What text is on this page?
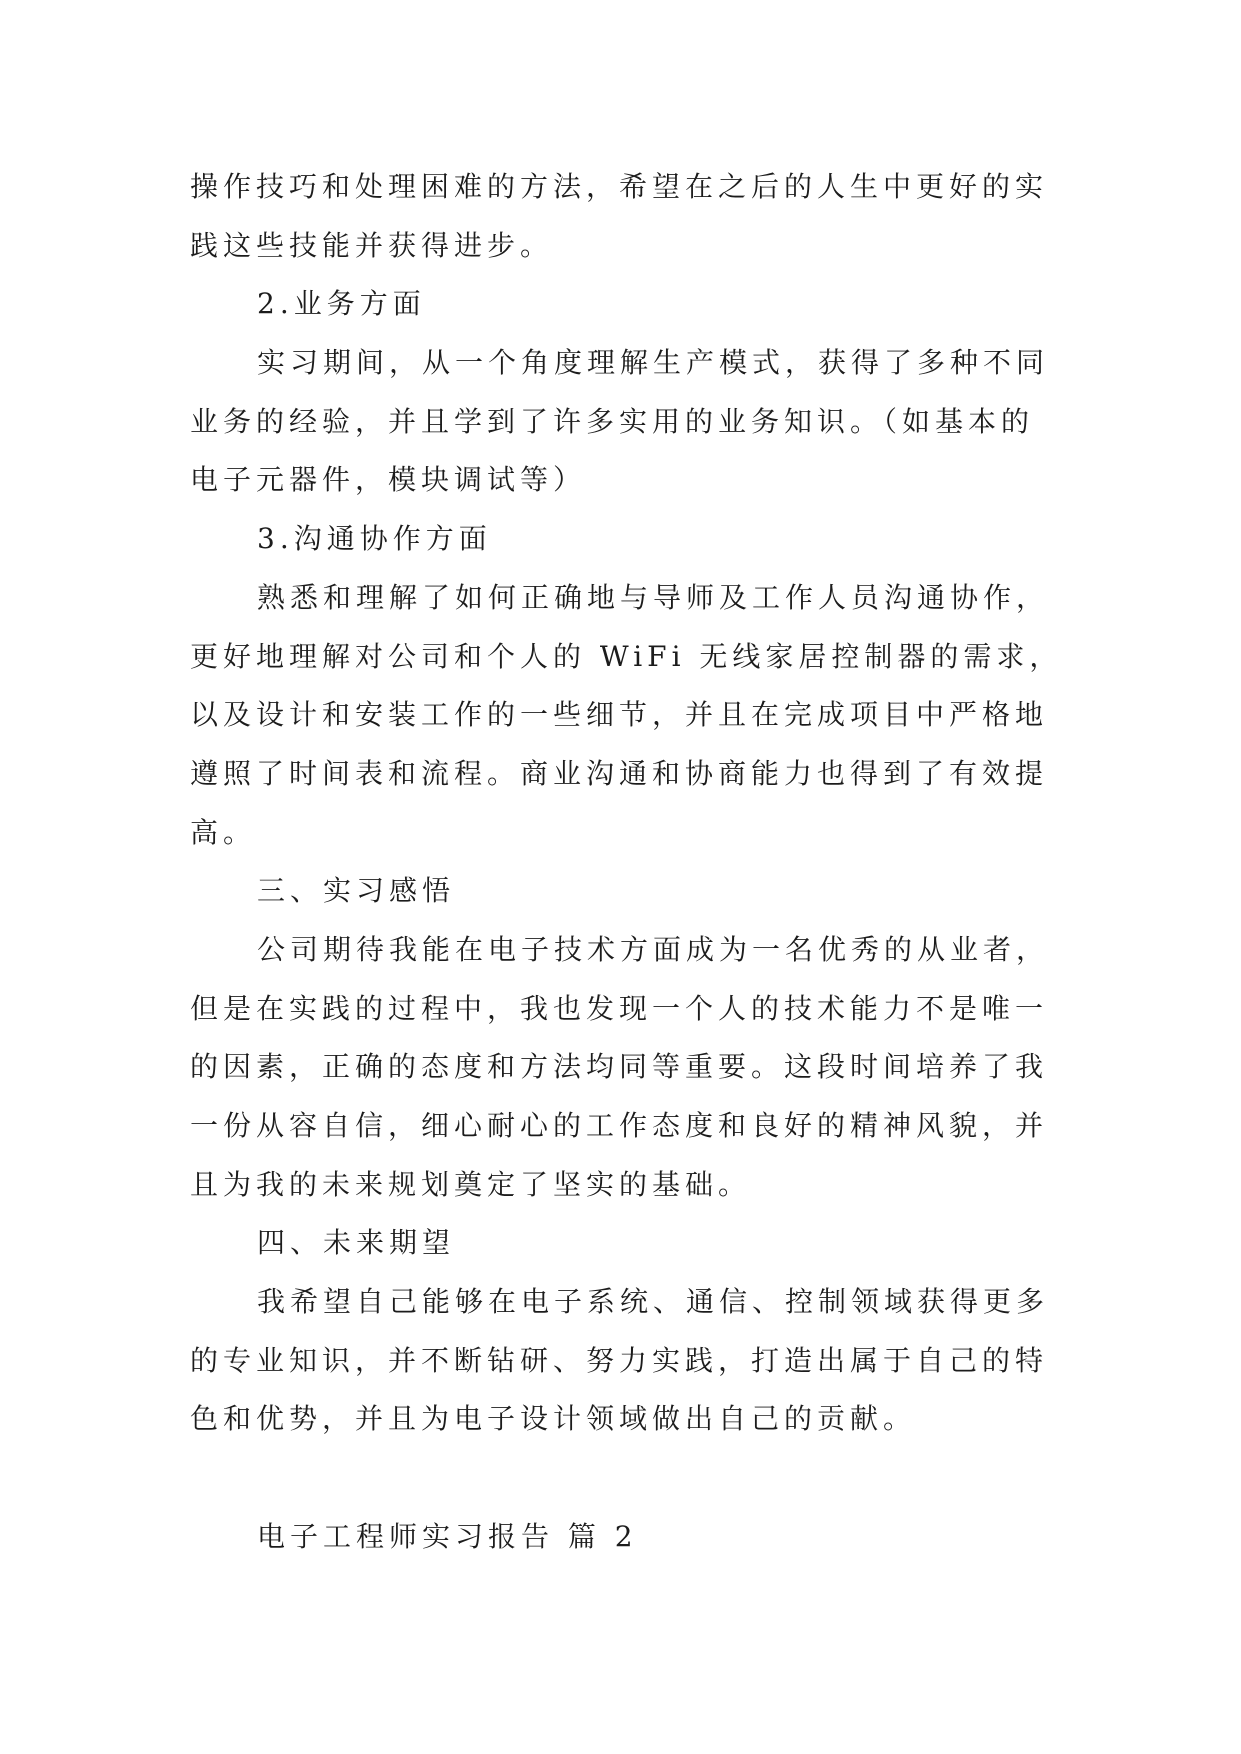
操作技巧和处理困难的方法，希望在之后的人生中更好的实
践这些技能并获得进步。
2.业务方面
实习期间，从一个角度理解生产模式，获得了多种不同
业务的经验，并且学到了许多实用的业务知识。（如基本的
电子元器件，模块调试等）
3.沟通协作方面
熟悉和理解了如何正确地与导师及工作人员沟通协作，
更好地理解对公司和个人的 WiFi 无线家居控制器的需求，
以及设计和安装工作的一些细节，并且在完成项目中严格地
遵照了时间表和流程。商业沟通和协商能力也得到了有效提
高。
三、实习感悟
公司期待我能在电子技术方面成为一名优秀的从业者，
但是在实践的过程中，我也发现一个人的技术能力不是唯一
的因素，正确的态度和方法均同等重要。这段时间培养了我
一份从容自信，细心耐心的工作态度和良好的精神风貌，并
且为我的未来规划奠定了坚实的基础。
四、未来期望
我希望自己能够在电子系统、通信、控制领域获得更多
的专业知识，并不断钻研、努力实践，打造出属于自己的特
色和优势，并且为电子设计领域做出自己的贡献。
电子工程师实习报告 篇 2
